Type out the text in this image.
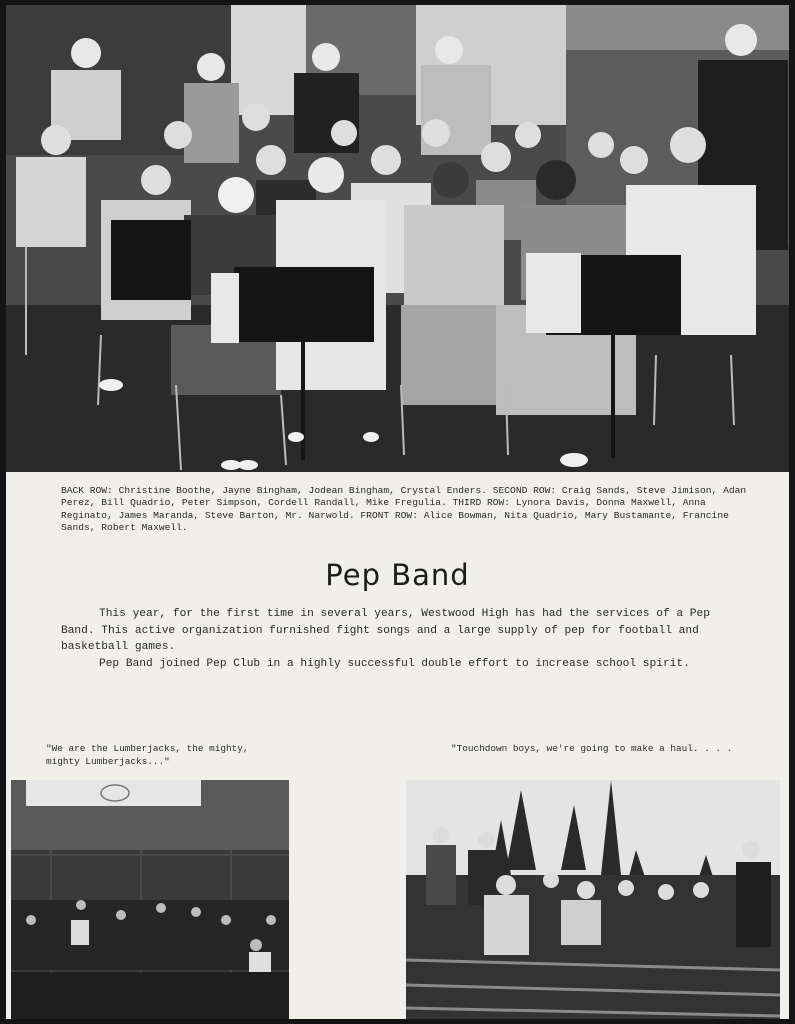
BACK ROW: Christine Boothe, Jayne Bingham, Jodean Bingham, Crystal Enders. SECOND ROW: Craig Sands, Steve Jimison, Adan Perez, Bill Quadrio, Peter Simpson, Cordell Randall, Mike Fregulia. THIRD ROW: Lynora Davis, Donna Maxwell, Anna Reginato, James Maranda, Steve Barton, Mr. Narwold. FRONT ROW: Alice Bowman, Nita Quadrio, Mary Bustamante, Francine Sands, Robert Maxwell.

Pep Band

This year, for the first time in several years, Westwood High has had the services of a Pep Band. This active organization furnished fight songs and a large supply of pep for football and basketball games.

Pep Band joined Pep Club in a highly successful double effort to increase school spirit.

"We are the Lumberjacks, the mighty, mighty Lumberjacks..."

"Touchdown boys, we're going to make a haul. . . .
